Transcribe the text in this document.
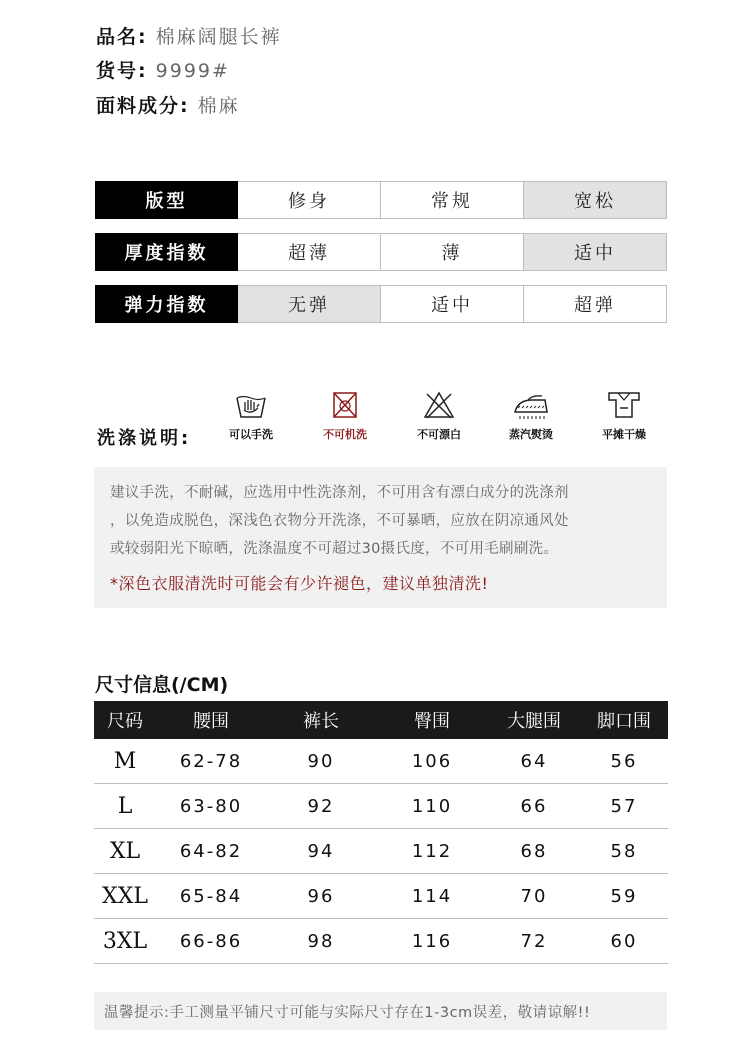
品名: 棉麻阔腿长裤
货号: 9999#
面料成分: 棉麻
版型	修身	常规	宽松
厚度指数	超薄	薄	适中
弹力指数	无弹	适中	超弹
洗涤说明:	可以手洗	不可机洗	不可漂白	蒸汽熨烫	平摊干燥
建议手洗，不耐碱，应选用中性洗涤剂，不可用含有漂白成分的洗涤剂
，以免造成脱色，深浅色衣物分开洗涤，不可暴晒，应放在阴凉通风处
或较弱阳光下晾晒，洗涤温度不可超过30摄氏度，不可用毛刷刷洗。
*深色衣服清洗时可能会有少许褪色，建议单独清洗!
尺寸信息(/CM)
尺码	腰围	裤长	臀围	大腿围	脚口围
M	62-78	90	106	64	56
L	63-80	92	110	66	57
XL	64-82	94	112	68	58
XXL	65-84	96	114	70	59
3XL	66-86	98	116	72	60
温馨提示:手工测量平铺尺寸可能与实际尺寸存在1-3cm误差，敬请谅解!!
